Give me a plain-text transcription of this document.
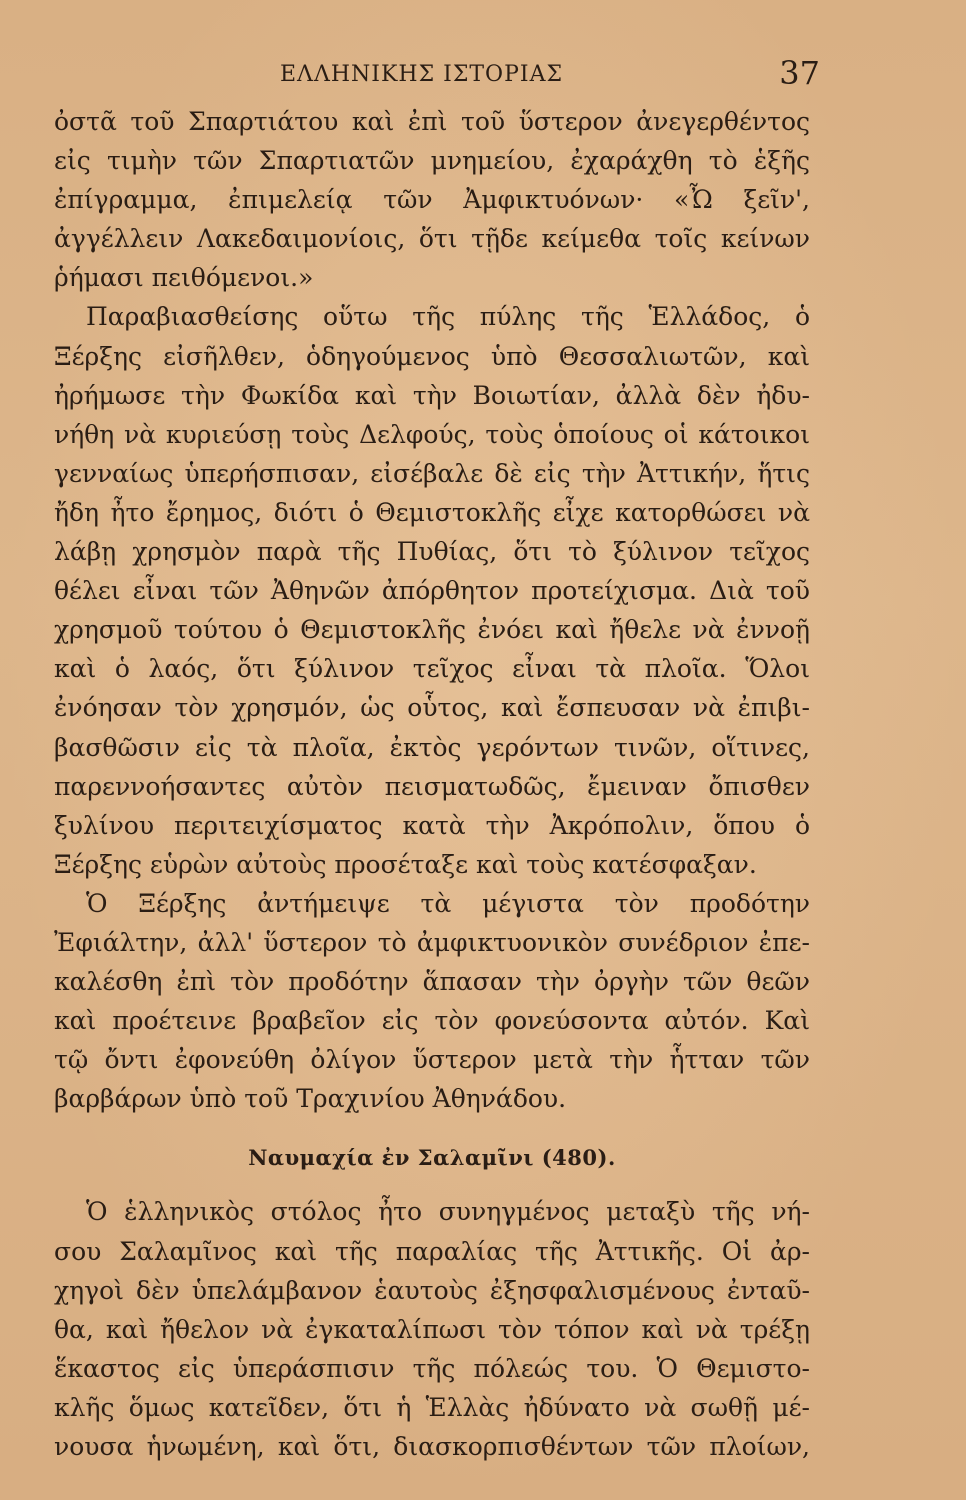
ΕΛΛΗΝΙΚΗΣ ΙΣΤΟΡΙΑΣ	37
ὀστᾶ τοῦ Σπαρτιάτου καὶ ἐπὶ τοῦ ὕστερον ἀνεγερθέντος
εἰς τιμὴν τῶν Σπαρτιατῶν μνημείου, ἐχαράχθη τὸ ἑξῆς
ἐπίγραμμα, ἐπιμελείᾳ τῶν Ἀμφικτυόνων· «Ὦ ξεῖν',
ἀγγέλλειν Λακεδαιμονίοις, ὅτι τῇδε κείμεθα τοῖς κείνων
ῥήμασι πειθόμενοι.»
Παραβιασθείσης οὕτω τῆς πύλης τῆς Ἑλλάδος, ὁ
Ξέρξης εἰσῆλθεν, ὁδηγούμενος ὑπὸ Θεσσαλιωτῶν, καὶ
ἠρήμωσε τὴν Φωκίδα καὶ τὴν Βοιωτίαν, ἀλλὰ δὲν ἠδυ-
νήθη νὰ κυριεύσῃ τοὺς Δελφούς, τοὺς ὁποίους οἱ κάτοικοι
γενναίως ὑπερήσπισαν, εἰσέβαλε δὲ εἰς τὴν Ἀττικήν, ἥτις
ἤδη ἦτο ἔρημος, διότι ὁ Θεμιστοκλῆς εἶχε κατορθώσει νὰ
λάβῃ χρησμὸν παρὰ τῆς Πυθίας, ὅτι τὸ ξύλινον τεῖχος
θέλει εἶναι τῶν Ἀθηνῶν ἀπόρθητον προτείχισμα. Διὰ τοῦ
χρησμοῦ τούτου ὁ Θεμιστοκλῆς ἐνόει καὶ ἤθελε νὰ ἐννοῇ
καὶ ὁ λαός, ὅτι ξύλινον τεῖχος εἶναι τὰ πλοῖα. Ὅλοι
ἐνόησαν τὸν χρησμόν, ὡς οὗτος, καὶ ἔσπευσαν νὰ ἐπιβι-
βασθῶσιν εἰς τὰ πλοῖα, ἐκτὸς γερόντων τινῶν, οἵτινες,
παρεννοήσαντες αὐτὸν πεισματωδῶς, ἔμειναν ὄπισθεν
ξυλίνου περιτειχίσματος κατὰ τὴν Ἀκρόπολιν, ὅπου ὁ
Ξέρξης εὑρὼν αὐτοὺς προσέταξε καὶ τοὺς κατέσφαξαν.
Ὁ Ξέρξης ἀντήμειψε τὰ μέγιστα τὸν προδότην
Ἐφιάλτην, ἀλλ' ὕστερον τὸ ἀμφικτυονικὸν συνέδριον ἐπε-
καλέσθη ἐπὶ τὸν προδότην ἅπασαν τὴν ὀργὴν τῶν θεῶν
καὶ προέτεινε βραβεῖον εἰς τὸν φονεύσοντα αὐτόν. Καὶ
τῷ ὄντι ἐφονεύθη ὀλίγον ὕστερον μετὰ τὴν ἧτταν τῶν
βαρβάρων ὑπὸ τοῦ Τραχινίου Ἀθηνάδου.
Ναυμαχία ἐν Σαλαμῖνι (480).
Ὁ ἑλληνικὸς στόλος ἦτο συνηγμένος μεταξὺ τῆς νή-
σου Σαλαμῖνος καὶ τῆς παραλίας τῆς Ἀττικῆς. Οἱ ἀρ-
χηγοὶ δὲν ὑπελάμβανον ἑαυτοὺς ἐξησφαλισμένους ἐνταῦ-
θα, καὶ ἤθελον νὰ ἐγκαταλίπωσι τὸν τόπον καὶ νὰ τρέξῃ
ἕκαστος εἰς ὑπεράσπισιν τῆς πόλεώς του. Ὁ Θεμιστο-
κλῆς ὅμως κατεῖδεν, ὅτι ἡ Ἑλλὰς ἠδύνατο νὰ σωθῇ μέ-
νουσα ἡνωμένη, καὶ ὅτι, διασκορπισθέντων τῶν πλοίων,
